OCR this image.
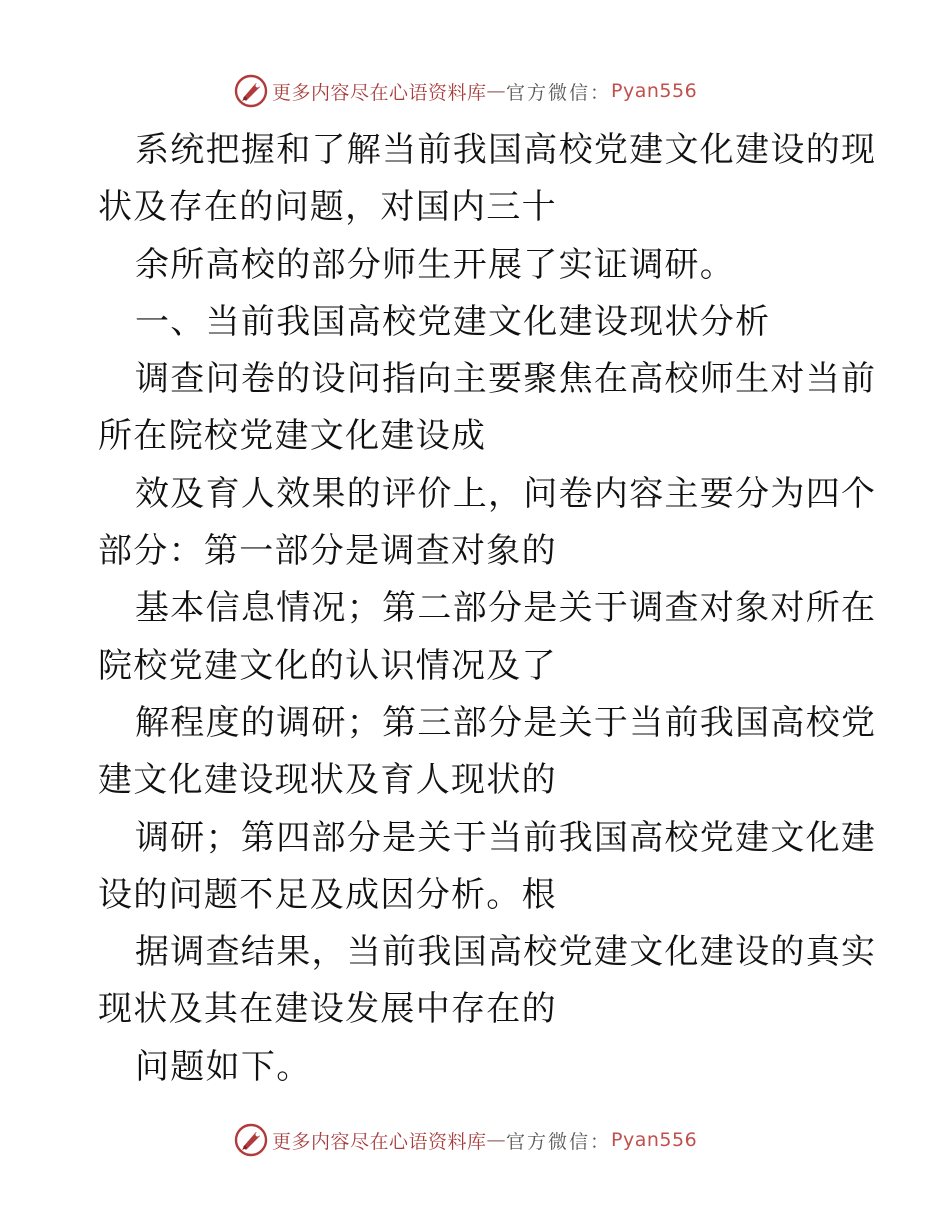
更多内容尽在心语资料库 — 官方微信： Pyan556
系统把握和了解当前我国高校党建文化建设的现
状及存在的问题，对国内三十
余所高校的部分师生开展了实证调研。
一、当前我国高校党建文化建设现状分析
调查问卷的设问指向主要聚焦在高校师生对当前
所在院校党建文化建设成
效及育人效果的评价上，问卷内容主要分为四个
部分：第一部分是调查对象的
基本信息情况；第二部分是关于调查对象对所在
院校党建文化的认识情况及了
解程度的调研；第三部分是关于当前我国高校党
建文化建设现状及育人现状的
调研；第四部分是关于当前我国高校党建文化建
设的问题不足及成因分析。根
据调查结果，当前我国高校党建文化建设的真实
现状及其在建设发展中存在的
问题如下。
更多内容尽在心语资料库 — 官方微信： Pyan556
